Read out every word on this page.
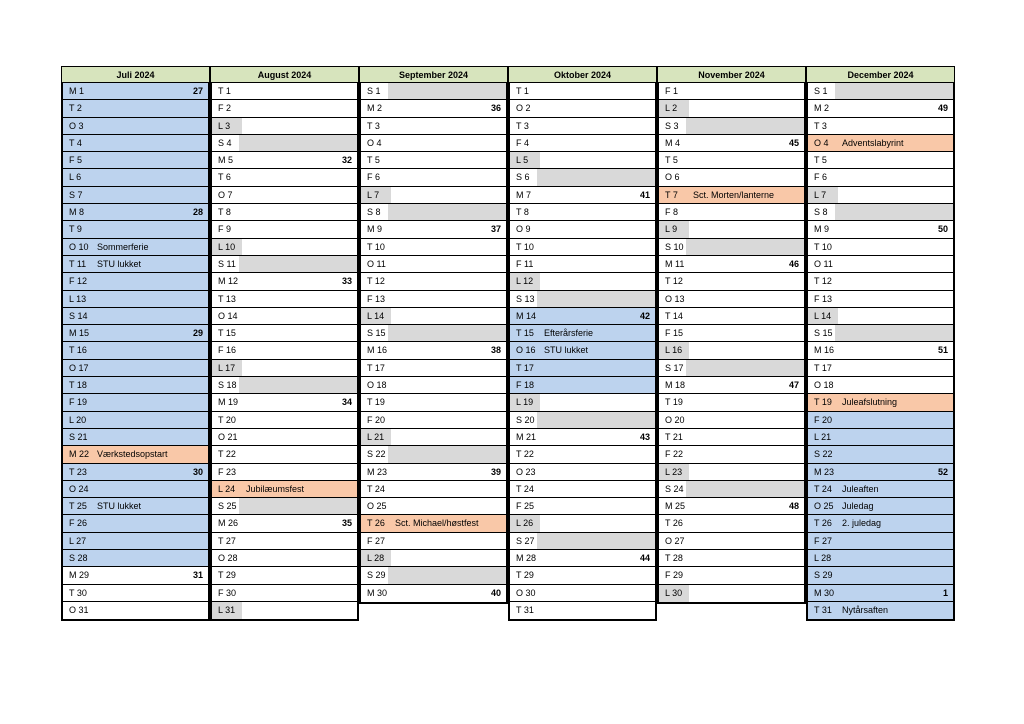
Juli 2024
M 1	27
T 2
O 3
T 4
F 5
L 6
S 7
M 8	28
T 9
O 10 Sommerferie
T 11 STU lukket
F 12
L 13
S 14
M 15	29
T 16
O 17
T 18
F 19
L 20
S 21
M 22 Værkstedsopstart
T 23	30
O 24
T 25 STU lukket
F 26
L 27
S 28
M 29	31
T 30
O 31
August 2024
T 1
F 2
L 3
S 4
M 5	32
T 6
O 7
T 8
F 9
L 10
S 11
M 12	33
T 13
O 14
T 15
F 16
L 17
S 18
M 19	34
T 20
O 21
T 22
F 23
L 24 Jubilæumsfest
S 25
M 26	35
T 27
O 28
T 29
F 30
L 31
September 2024
S 1
M 2	36
T 3
O 4
T 5
F 6
L 7
S 8
M 9	37
T 10
O 11
T 12
F 13
L 14
S 15
M 16	38
T 17
O 18
T 19
F 20
L 21
S 22
M 23	39
T 24
O 25
T 26 Sct. Michael/høstfest
F 27
L 28
S 29
M 30	40
Oktober 2024
T 1
O 2
T 3
F 4
L 5
S 6
M 7	41
T 8
O 9
T 10
F 11
L 12
S 13
M 14	42
T 15 Efterårsferie
O 16 STU lukket
T 17
F 18
L 19
S 20
M 21	43
T 22
O 23
T 24
F 25
L 26
S 27
M 28	44
T 29
O 30
T 31
November 2024
F 1
L 2
S 3
M 4	45
T 5
O 6
T 7 Sct. Morten/lanterne
F 8
L 9
S 10
M 11	46
T 12
O 13
T 14
F 15
L 16
S 17
M 18	47
T 19
O 20
T 21
F 22
L 23
S 24
M 25	48
T 26
O 27
T 28
F 29
L 30
December 2024
S 1
M 2	49
T 3
O 4 Adventslabyrint
T 5
F 6
L 7
S 8
M 9	50
T 10
O 11
T 12
F 13
L 14
S 15
M 16	51
T 17
O 18
T 19 Juleafslutning
F 20
L 21
S 22
M 23	52
T 24 Juleaften
O 25 Juledag
T 26 2. juledag
F 27
L 28
S 29
M 30	1
T 31 Nytårsaften
